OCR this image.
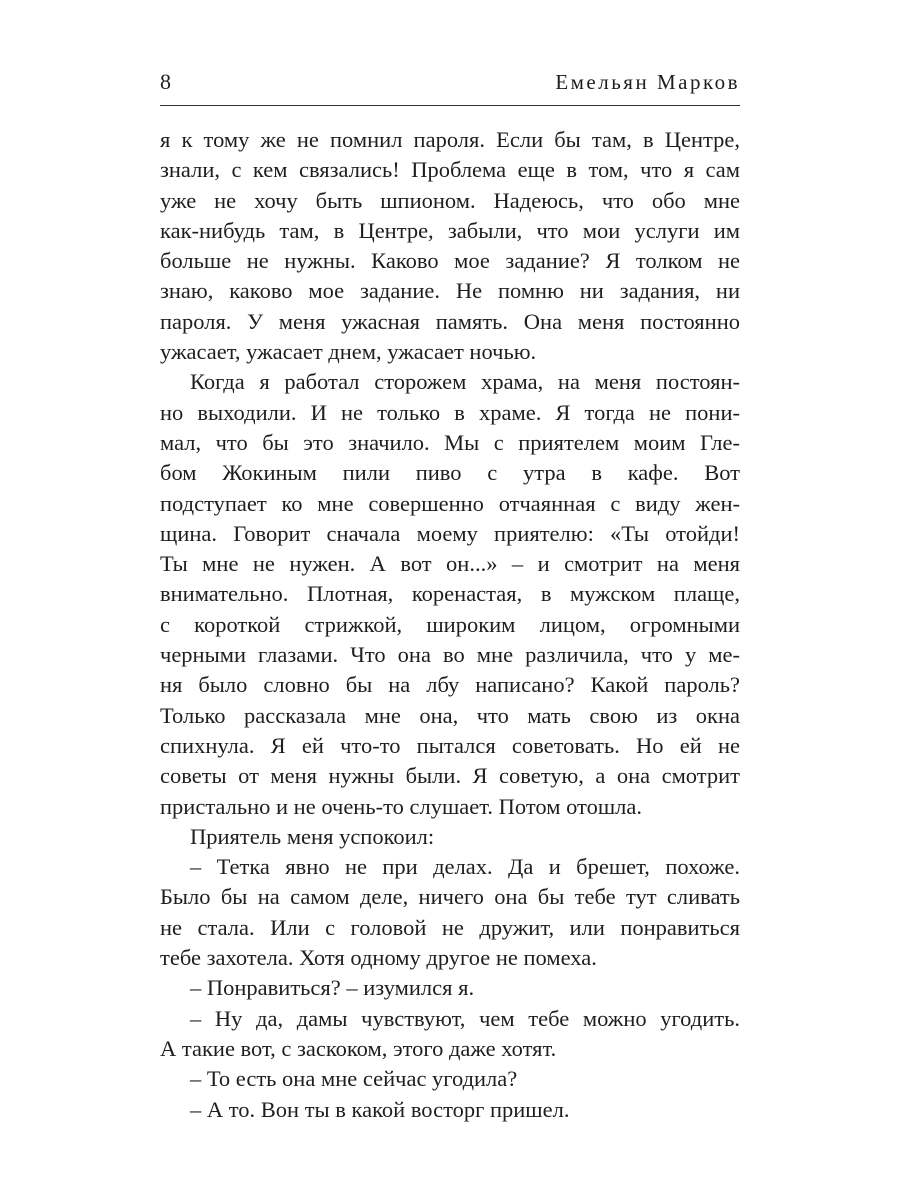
8	Емельян Марков
я к тому же не помнил пароля. Если бы там, в Центре,
знали, с кем связались! Проблема еще в том, что я сам
уже не хочу быть шпионом. Надеюсь, что обо мне
как-нибудь там, в Центре, забыли, что мои услуги им
больше не нужны. Каково мое задание? Я толком не
знаю, каково мое задание. Не помню ни задания, ни
пароля. У меня ужасная память. Она меня постоянно
ужасает, ужасает днем, ужасает ночью.
Когда я работал сторожем храма, на меня постоян-
но выходили. И не только в храме. Я тогда не пони-
мал, что бы это значило. Мы с приятелем моим Гле-
бом Жокиным пили пиво с утра в кафе. Вот
подступает ко мне совершенно отчаянная с виду жен-
щина. Говорит сначала моему приятелю: «Ты отойди!
Ты мне не нужен. А вот он...» – и смотрит на меня
внимательно. Плотная, коренастая, в мужском плаще,
с короткой стрижкой, широким лицом, огромными
черными глазами. Что она во мне различила, что у ме-
ня было словно бы на лбу написано? Какой пароль?
Только рассказала мне она, что мать свою из окна
спихнула. Я ей что-то пытался советовать. Но ей не
советы от меня нужны были. Я советую, а она смотрит
пристально и не очень-то слушает. Потом отошла.
Приятель меня успокоил:
– Тетка явно не при делах. Да и брешет, похоже.
Было бы на самом деле, ничего она бы тебе тут сливать
не стала. Или с головой не дружит, или понравиться
тебе захотела. Хотя одному другое не помеха.
– Понравиться? – изумился я.
– Ну да, дамы чувствуют, чем тебе можно угодить.
А такие вот, с заскоком, этого даже хотят.
– То есть она мне сейчас угодила?
– А то. Вон ты в какой восторг пришел.
